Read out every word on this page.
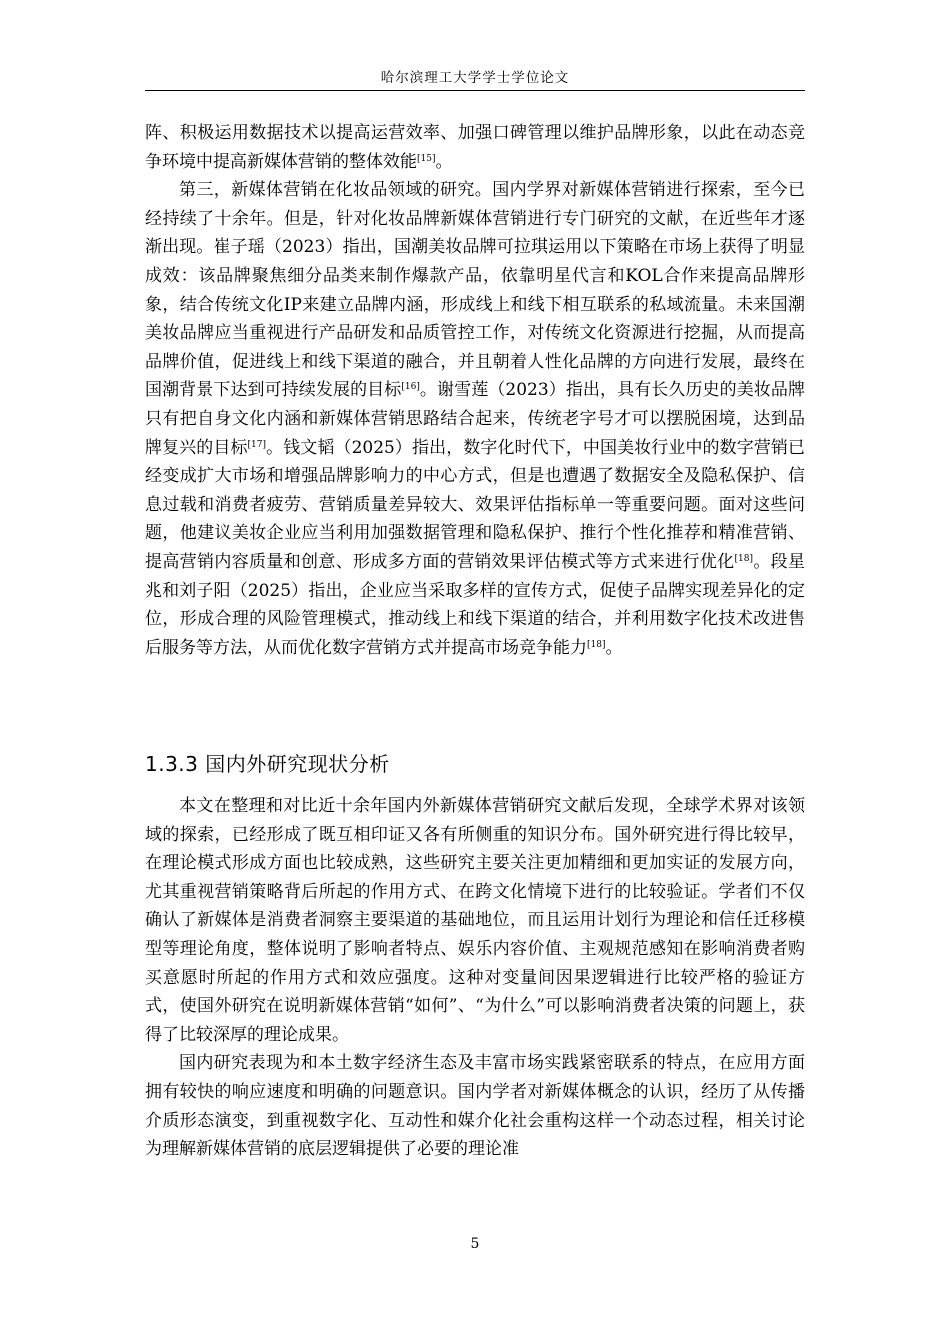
哈尔滨理工大学学士学位论文

阵、积极运用数据技术以提高运营效率、加强口碑管理以维护品牌形象，以此在动态竞争环境中提高新媒体营销的整体效能[15]。

第三，新媒体营销在化妆品领域的研究。国内学界对新媒体营销进行探索，至今已经持续了十余年。但是，针对化妆品牌新媒体营销进行专门研究的文献，在近些年才逐渐出现。崔子瑶（2023）指出，国潮美妆品牌可拉琪运用以下策略在市场上获得了明显成效：该品牌聚焦细分品类来制作爆款产品，依靠明星代言和KOL合作来提高品牌形象，结合传统文化IP来建立品牌内涵，形成线上和线下相互联系的私域流量。未来国潮美妆品牌应当重视进行产品研发和品质管控工作，对传统文化资源进行挖掘，从而提高品牌价值，促进线上和线下渠道的融合，并且朝着人性化品牌的方向进行发展，最终在国潮背景下达到可持续发展的目标[16]。谢雪莲（2023）指出，具有长久历史的美妆品牌只有把自身文化内涵和新媒体营销思路结合起来，传统老字号才可以摆脱困境，达到品牌复兴的目标[17]。钱文韬（2025）指出，数字化时代下，中国美妆行业中的数字营销已经变成扩大市场和增强品牌影响力的中心方式，但是也遭遇了数据安全及隐私保护、信息过载和消费者疲劳、营销质量差异较大、效果评估指标单一等重要问题。面对这些问题，他建议美妆企业应当利用加强数据管理和隐私保护、推行个性化推荐和精准营销、提高营销内容质量和创意、形成多方面的营销效果评估模式等方式来进行优化[18]。段星兆和刘子阳（2025）指出，企业应当采取多样的宣传方式，促使子品牌实现差异化的定位，形成合理的风险管理模式，推动线上和线下渠道的结合，并利用数字化技术改进售后服务等方法，从而优化数字营销方式并提高市场竞争能力[18]。

1.3.3 国内外研究现状分析

本文在整理和对比近十余年国内外新媒体营销研究文献后发现，全球学术界对该领域的探索，已经形成了既互相印证又各有所侧重的知识分布。国外研究进行得比较早，在理论模式形成方面也比较成熟，这些研究主要关注更加精细和更加实证的发展方向，尤其重视营销策略背后所起的作用方式、在跨文化情境下进行的比较验证。学者们不仅确认了新媒体是消费者洞察主要渠道的基础地位，而且运用计划行为理论和信任迁移模型等理论角度，整体说明了影响者特点、娱乐内容价值、主观规范感知在影响消费者购买意愿时所起的作用方式和效应强度。这种对变量间因果逻辑进行比较严格的验证方式，使国外研究在说明新媒体营销“如何”、“为什么”可以影响消费者决策的问题上，获得了比较深厚的理论成果。

国内研究表现为和本土数字经济生态及丰富市场实践紧密联系的特点，在应用方面拥有较快的响应速度和明确的问题意识。国内学者对新媒体概念的认识，经历了从传播介质形态演变，到重视数字化、互动性和媒介化社会重构这样一个动态过程，相关讨论为理解新媒体营销的底层逻辑提供了必要的理论准

5
